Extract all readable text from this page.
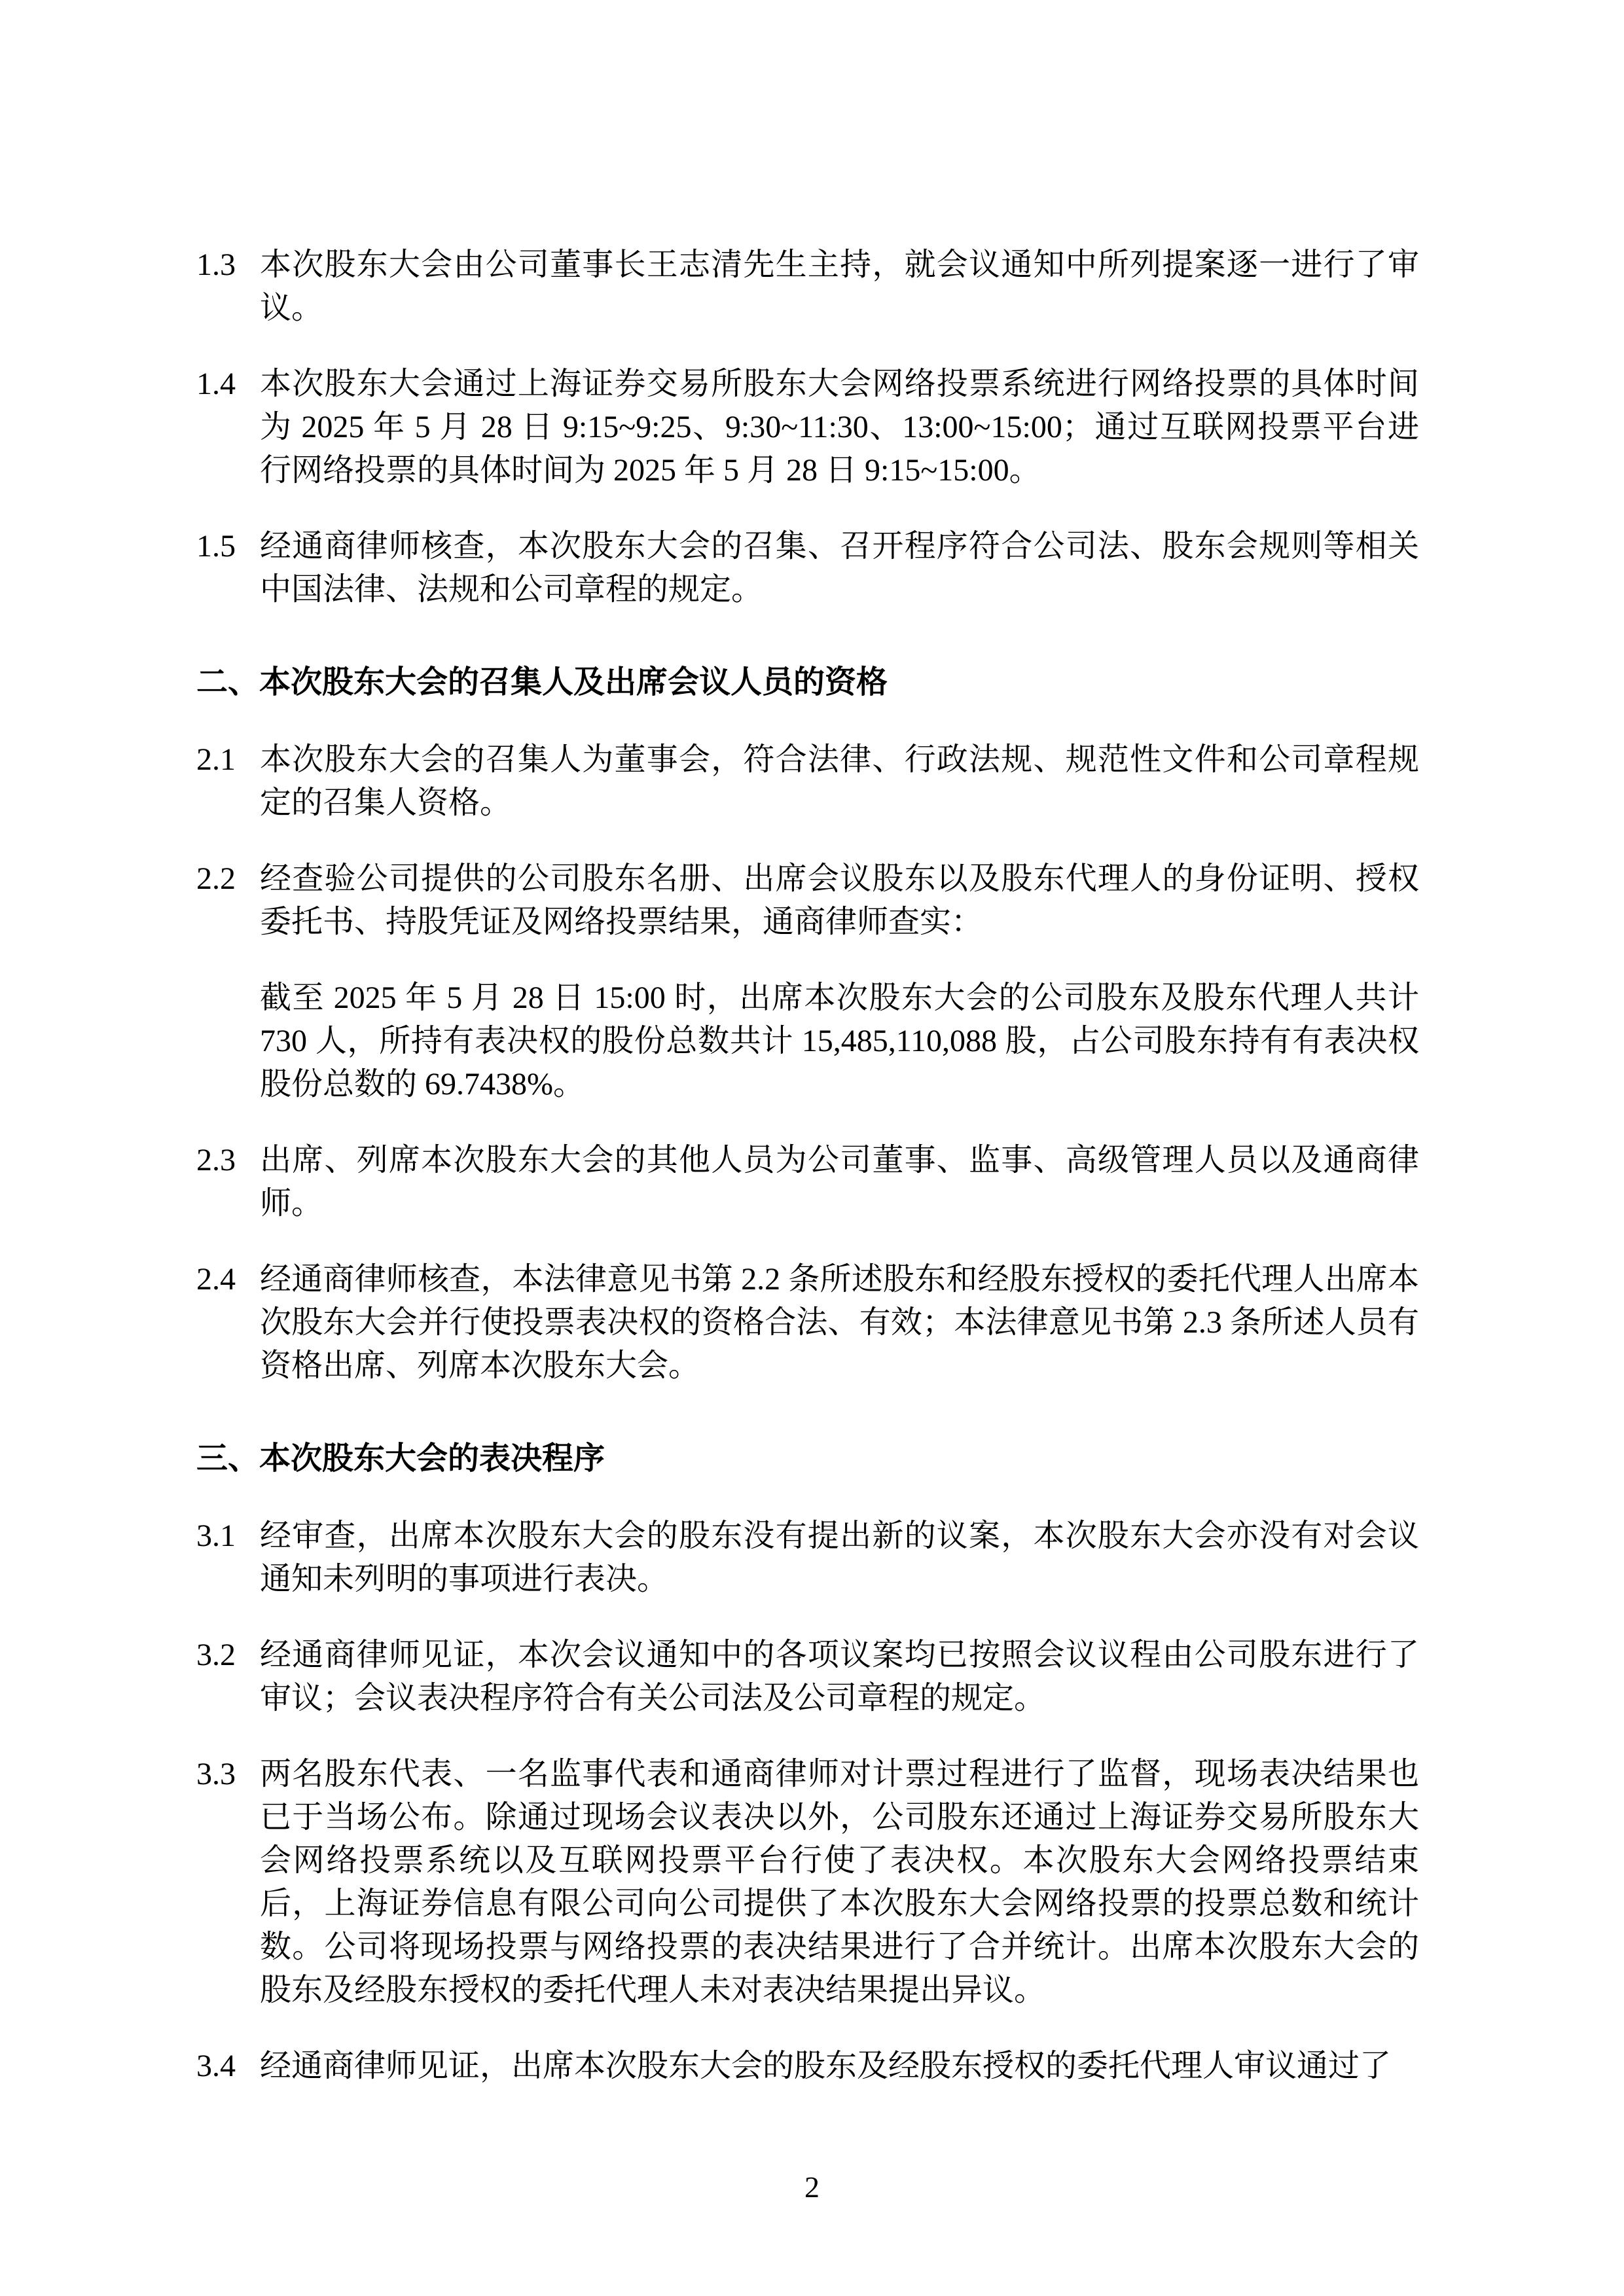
1.3 本次股东大会由公司董事长王志清先生主持，就会议通知中所列提案逐一进行了审议。
1.4 本次股东大会通过上海证券交易所股东大会网络投票系统进行网络投票的具体时间为 2025 年 5 月 28 日 9:15~9:25、9:30~11:30、13:00~15:00；通过互联网投票平台进行网络投票的具体时间为 2025 年 5 月 28 日 9:15~15:00。
1.5 经通商律师核查，本次股东大会的召集、召开程序符合公司法、股东会规则等相关中国法律、法规和公司章程的规定。
二、本次股东大会的召集人及出席会议人员的资格
2.1 本次股东大会的召集人为董事会，符合法律、行政法规、规范性文件和公司章程规定的召集人资格。
2.2 经查验公司提供的公司股东名册、出席会议股东以及股东代理人的身份证明、授权委托书、持股凭证及网络投票结果，通商律师查实：
截至 2025 年 5 月 28 日 15:00 时，出席本次股东大会的公司股东及股东代理人共计 730 人，所持有表决权的股份总数共计 15,485,110,088 股，占公司股东持有有表决权股份总数的 69.7438%。
2.3 出席、列席本次股东大会的其他人员为公司董事、监事、高级管理人员以及通商律师。
2.4 经通商律师核查，本法律意见书第 2.2 条所述股东和经股东授权的委托代理人出席本次股东大会并行使投票表决权的资格合法、有效；本法律意见书第 2.3 条所述人员有资格出席、列席本次股东大会。
三、本次股东大会的表决程序
3.1 经审查，出席本次股东大会的股东没有提出新的议案，本次股东大会亦没有对会议通知未列明的事项进行表决。
3.2 经通商律师见证，本次会议通知中的各项议案均已按照会议议程由公司股东进行了审议；会议表决程序符合有关公司法及公司章程的规定。
3.3 两名股东代表、一名监事代表和通商律师对计票过程进行了监督，现场表决结果也已于当场公布。除通过现场会议表决以外，公司股东还通过上海证券交易所股东大会网络投票系统以及互联网投票平台行使了表决权。本次股东大会网络投票结束后，上海证券信息有限公司向公司提供了本次股东大会网络投票的投票总数和统计数。公司将现场投票与网络投票的表决结果进行了合并统计。出席本次股东大会的股东及经股东授权的委托代理人未对表决结果提出异议。
3.4 经通商律师见证，出席本次股东大会的股东及经股东授权的委托代理人审议通过了
2
